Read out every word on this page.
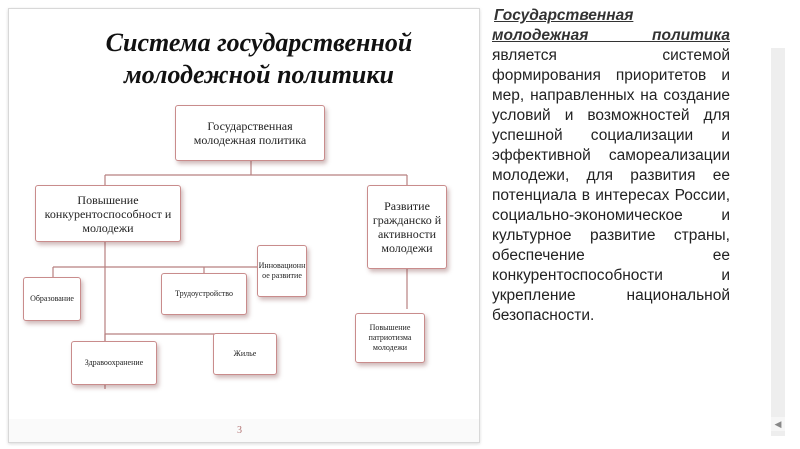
Система государственной
молодежной политики
Государственная молодежная политика
Повышение конкурентоспособност и молодежи
Развитие гражданско й активности молодежи
Образование
Трудоустройство
Инновационн ое развитие
Здравоохранение
Жилье
Повышение патриотизма молодежи
3
Государственная молодежная политика является системой формирования приоритетов и мер, направленных на создание условий и возможностей для успешной социализации и эффективной самореализации молодежи, для развития ее потенциала в интересах России, социально-экономическое и культурное развитие страны, обеспечение ее конкурентоспособности и укрепление национальной безопасности.
◀
